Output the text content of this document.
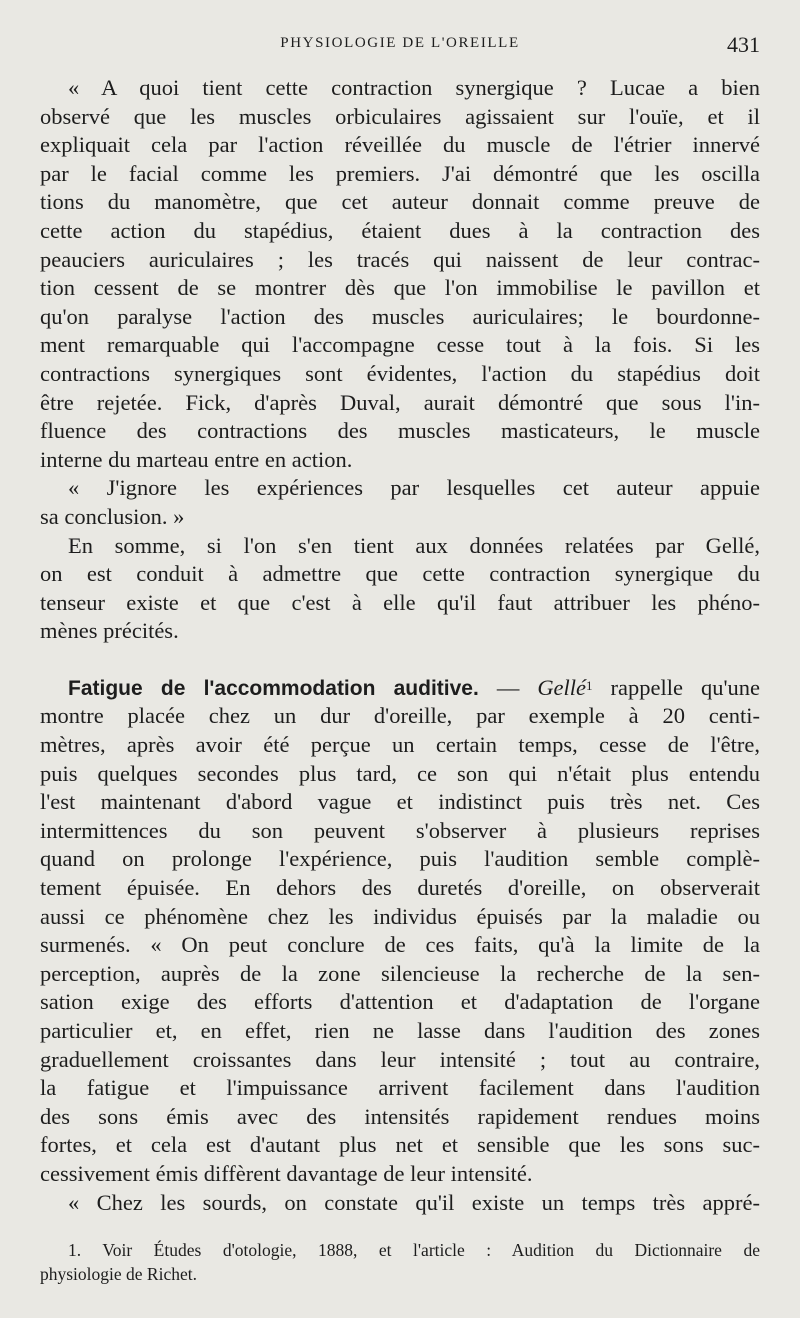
PHYSIOLOGIE DE L'OREILLE	431
« A quoi tient cette contraction synergique ? Lucae a bien
observé que les muscles orbiculaires agissaient sur l'ouïe, et il
expliquait cela par l'action réveillée du muscle de l'étrier innervé
par le facial comme les premiers. J'ai démontré que les oscilla
tions du manomètre, que cet auteur donnait comme preuve de
cette action du stapédius, étaient dues à la contraction des
peauciers auriculaires ; les tracés qui naissent de leur contrac-
tion cessent de se montrer dès que l'on immobilise le pavillon et
qu'on paralyse l'action des muscles auriculaires; le bourdonne-
ment remarquable qui l'accompagne cesse tout à la fois. Si les
contractions synergiques sont évidentes, l'action du stapédius doit
être rejetée. Fick, d'après Duval, aurait démontré que sous l'in-
fluence des contractions des muscles masticateurs, le muscle
interne du marteau entre en action.
« J'ignore les expériences par lesquelles cet auteur appuie
sa conclusion. »
En somme, si l'on s'en tient aux données relatées par Gellé,
on est conduit à admettre que cette contraction synergique du
tenseur existe et que c'est à elle qu'il faut attribuer les phéno-
mènes précités.
Fatigue de l'accommodation auditive. — Gellé$^1$ rappelle qu'une
montre placée chez un dur d'oreille, par exemple à 20 centi-
mètres, après avoir été perçue un certain temps, cesse de l'être,
puis quelques secondes plus tard, ce son qui n'était plus entendu
l'est maintenant d'abord vague et indistinct puis très net. Ces
intermittences du son peuvent s'observer à plusieurs reprises
quand on prolonge l'expérience, puis l'audition semble complè-
tement épuisée. En dehors des duretés d'oreille, on observerait
aussi ce phénomène chez les individus épuisés par la maladie ou
surmenés. « On peut conclure de ces faits, qu'à la limite de la
perception, auprès de la zone silencieuse la recherche de la sen-
sation exige des efforts d'attention et d'adaptation de l'organe
particulier et, en effet, rien ne lasse dans l'audition des zones
graduellement croissantes dans leur intensité ; tout au contraire,
la fatigue et l'impuissance arrivent facilement dans l'audition
des sons émis avec des intensités rapidement rendues moins
fortes, et cela est d'autant plus net et sensible que les sons suc-
cessivement émis diffèrent davantage de leur intensité.
« Chez les sourds, on constate qu'il existe un temps très appré-
1. Voir Études d'otologie, 1888, et l'article : Audition du Dictionnaire de
physiologie de Richet.
